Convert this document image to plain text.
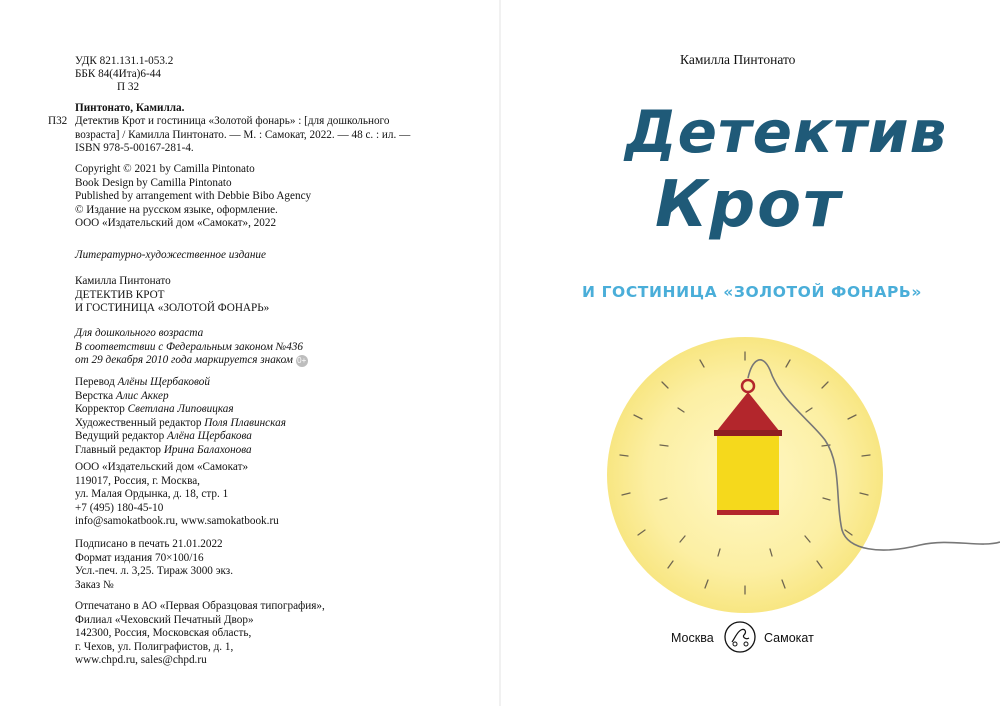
УДК 821.131.1-053.2
ББК 84(4Ита)6-44
П 32
Пинтонато, Камилла.
П32 Детектив Крот и гостиница «Золотой фонарь» : [для дошкольного
возраста] / Камилла Пинтонато. — М. : Самокат, 2022. — 48 с. : ил. —
ISBN 978-5-00167-281-4.
Copyright © 2021 by Camilla Pintonato
Book Design by Camilla Pintonato
Published by arrangement with Debbie Bibo Agency
© Издание на русском языке, оформление.
ООО «Издательский дом «Самокат», 2022
Литературно-художественное издание
Камилла Пинтонато
ДЕТЕКТИВ КРОТ
И ГОСТИНИЦА «ЗОЛОТОЙ ФОНАРЬ»
Для дошкольного возраста
В соответствии с Федеральным законом №436
от 29 декабря 2010 года маркируется знаком 0+
Перевод Алёны Щербаковой
Верстка Алис Аккер
Корректор Светлана Липовицкая
Художественный редактор Поля Плавинская
Ведущий редактор Алёна Щербакова
Главный редактор Ирина Балахонова
ООО «Издательский дом «Самокат»
119017, Россия, г. Москва,
ул. Малая Ордынка, д. 18, стр. 1
+7 (495) 180-45-10
info@samokatbook.ru, www.samokatbook.ru
Подписано в печать 21.01.2022
Формат издания 70×100/16
Усл.-печ. л. 3,25. Тираж 3000 экз.
Заказ №
Отпечатано в АО «Первая Образцовая типография»,
Филиал «Чеховский Печатный Двор»
142300, Россия, Московская область,
г. Чехов, ул. Полиграфистов, д. 1,
www.chpd.ru, sales@chpd.ru
Камилла Пинтонато
Детектив
Крот
И ГОСТИНИЦА «ЗОЛОТОЙ ФОНАРЬ»
Москва	Самокат
